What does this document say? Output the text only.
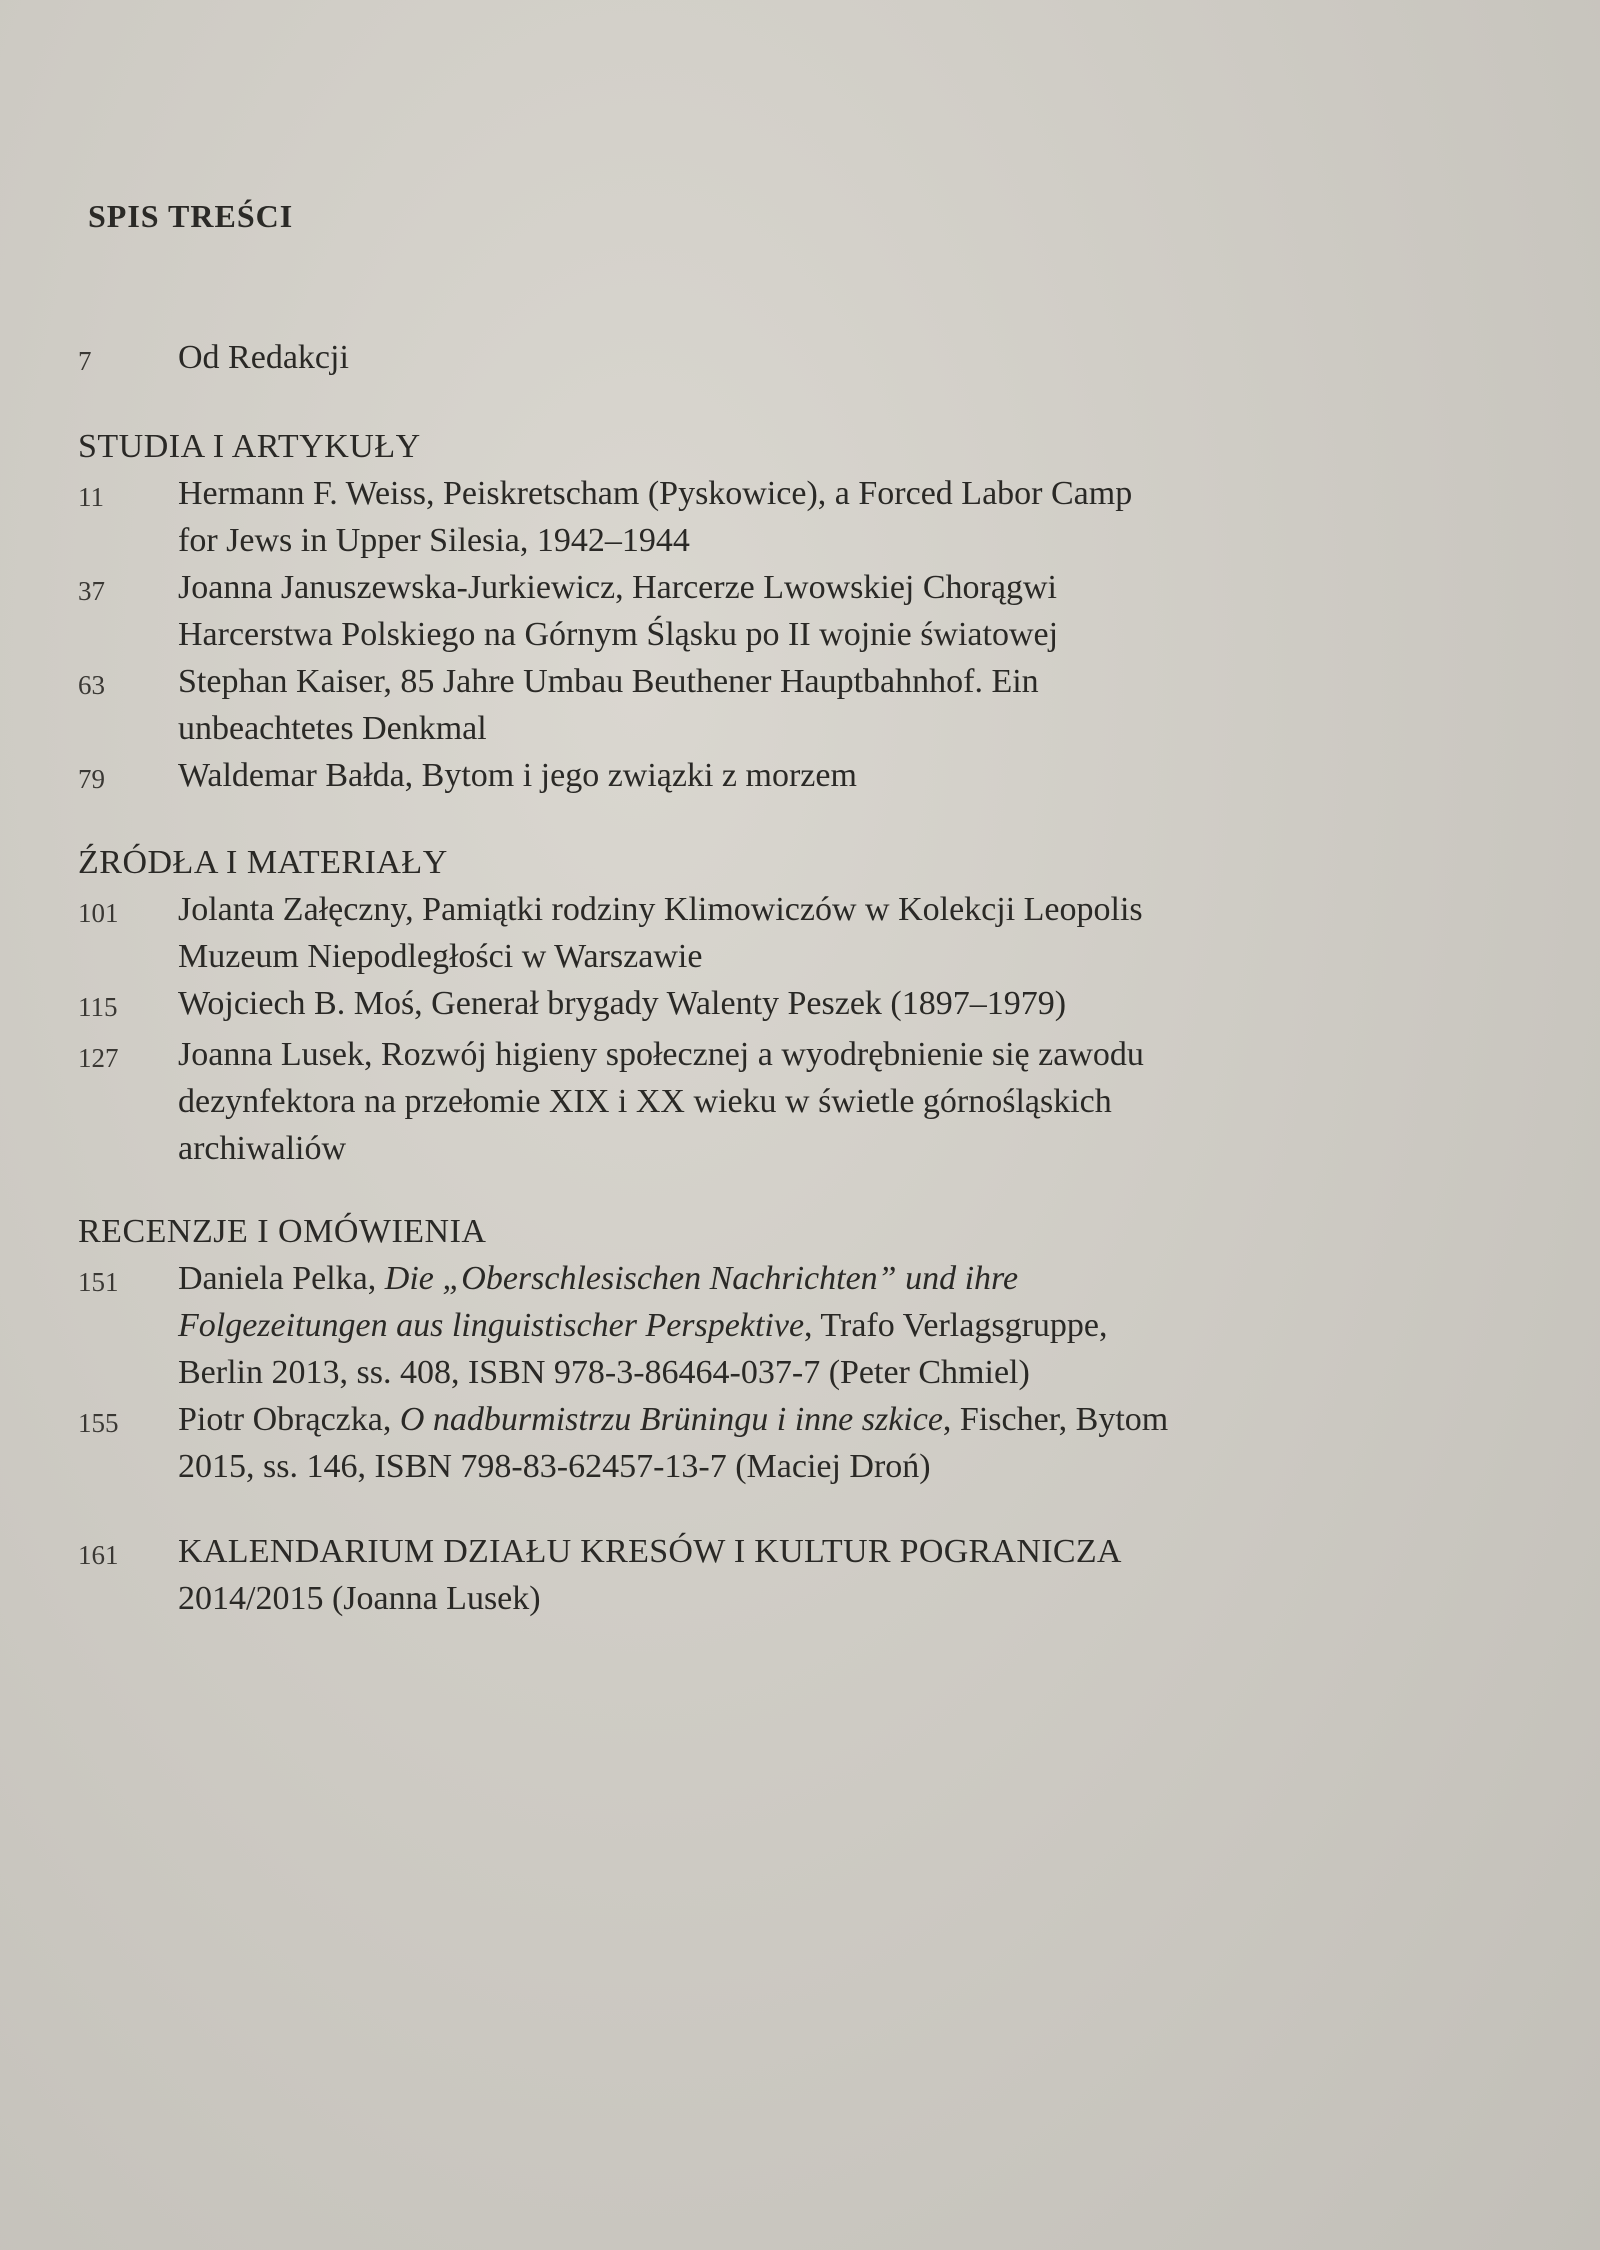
SPIS TREŚCI
7	Od Redakcji
STUDIA I ARTYKUŁY
11	Hermann F. Weiss, Peiskretscham (Pyskowice), a Forced Labor Camp for Jews in Upper Silesia, 1942–1944
37	Joanna Januszewska-Jurkiewicz, Harcerze Lwowskiej Chorągwi Harcerstwa Polskiego na Górnym Śląsku po II wojnie światowej
63	Stephan Kaiser, 85 Jahre Umbau Beuthener Hauptbahnhof. Ein unbeachtetes Denkmal
79	Waldemar Bałda, Bytom i jego związki z morzem
ŹRÓDŁA I MATERIAŁY
101	Jolanta Załęczny, Pamiątki rodziny Klimowiczów w Kolekcji Leopolis Muzeum Niepodległości w Warszawie
115	Wojciech B. Moś, Generał brygady Walenty Peszek (1897–1979)
127	Joanna Lusek, Rozwój higieny społecznej a wyodrębnienie się zawodu dezynfektora na przełomie XIX i XX wieku w świetle górnośląskich archiwaliów
RECENZJE I OMÓWIENIA
151	Daniela Pelka, Die „Oberschlesischen Nachrichten” und ihre Folgezeitungen aus linguistischer Perspektive, Trafo Verlagsgruppe, Berlin 2013, ss. 408, ISBN 978-3-86464-037-7 (Peter Chmiel)
155	Piotr Obrączka, O nadburmistrzu Brüningu i inne szkice, Fischer, Bytom 2015, ss. 146, ISBN 798-83-62457-13-7 (Maciej Droń)
161	KALENDARIUM DZIAŁU KRESÓW I KULTUR POGRANICZA
2014/2015 (Joanna Lusek)
